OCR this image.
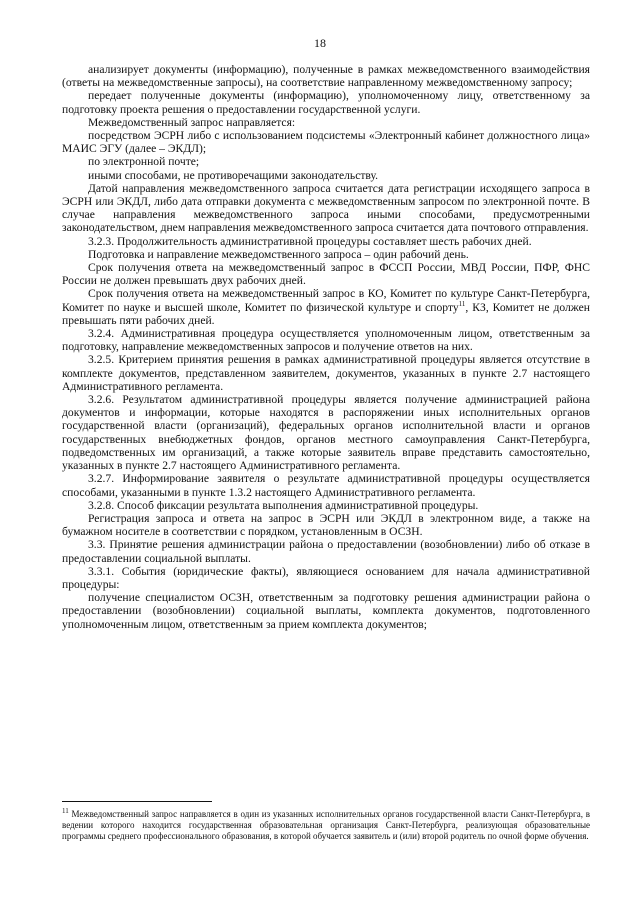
18

анализирует документы (информацию), полученные в рамках межведомственного взаимодействия (ответы на межведомственные запросы), на соответствие направленному межведомственному запросу;

передает полученные документы (информацию), уполномоченному лицу, ответственному за подготовку проекта решения о предоставлении государственной услуги.

Межведомственный запрос направляется:

посредством ЭСРН либо с использованием подсистемы «Электронный кабинет должностного лица» МАИС ЭГУ (далее – ЭКДЛ);

по электронной почте;

иными способами, не противоречащими законодательству.

Датой направления межведомственного запроса считается дата регистрации исходящего запроса в ЭСРН или ЭКДЛ, либо дата отправки документа с межведомственным запросом по электронной почте. В случае направления межведомственного запроса иными способами, предусмотренными законодательством, днем направления межведомственного запроса считается дата почтового отправления.

3.2.3. Продолжительность административной процедуры составляет шесть рабочих дней.

Подготовка и направление межведомственного запроса – один рабочий день.

Срок получения ответа на межведомственный запрос в ФССП России, МВД России, ПФР, ФНС России не должен превышать двух рабочих дней.

Срок получения ответа на межведомственный запрос в КО, Комитет по культуре Санкт-Петербурга, Комитет по науке и высшей школе, Комитет по физической культуре и спорту$^{11}$, КЗ, Комитет не должен превышать пяти рабочих дней.

3.2.4. Административная процедура осуществляется уполномоченным лицом, ответственным за подготовку, направление межведомственных запросов и получение ответов на них.

3.2.5. Критерием принятия решения в рамках административной процедуры является отсутствие в комплекте документов, представленном заявителем, документов, указанных в пункте 2.7 настоящего Административного регламента.

3.2.6. Результатом административной процедуры является получение администрацией района документов и информации, которые находятся в распоряжении иных исполнительных органов государственной власти (организаций), федеральных органов исполнительной власти и органов государственных внебюджетных фондов, органов местного самоуправления Санкт-Петербурга, подведомственных им организаций, а также которые заявитель вправе представить самостоятельно, указанных в пункте 2.7 настоящего Административного регламента.

3.2.7. Информирование заявителя о результате административной процедуры осуществляется способами, указанными в пункте 1.3.2 настоящего Административного регламента.

3.2.8. Способ фиксации результата выполнения административной процедуры.

Регистрация запроса и ответа на запрос в ЭСРН или ЭКДЛ в электронном виде, а также на бумажном носителе в соответствии с порядком, установленным в ОСЗН.

3.3. Принятие решения администрации района о предоставлении (возобновлении) либо об отказе в предоставлении социальной выплаты.

3.3.1. События (юридические факты), являющиеся основанием для начала административной процедуры:

получение специалистом ОСЗН, ответственным за подготовку решения администрации района о предоставлении (возобновлении) социальной выплаты, комплекта документов, подготовленного уполномоченным лицом, ответственным за прием комплекта документов;

$^{11}$ Межведомственный запрос направляется в один из указанных исполнительных органов государственной власти Санкт-Петербурга, в ведении которого находится государственная образовательная организация Санкт-Петербурга, реализующая образовательные программы среднего профессионального образования, в которой обучается заявитель и (или) второй родитель по очной форме обучения.
